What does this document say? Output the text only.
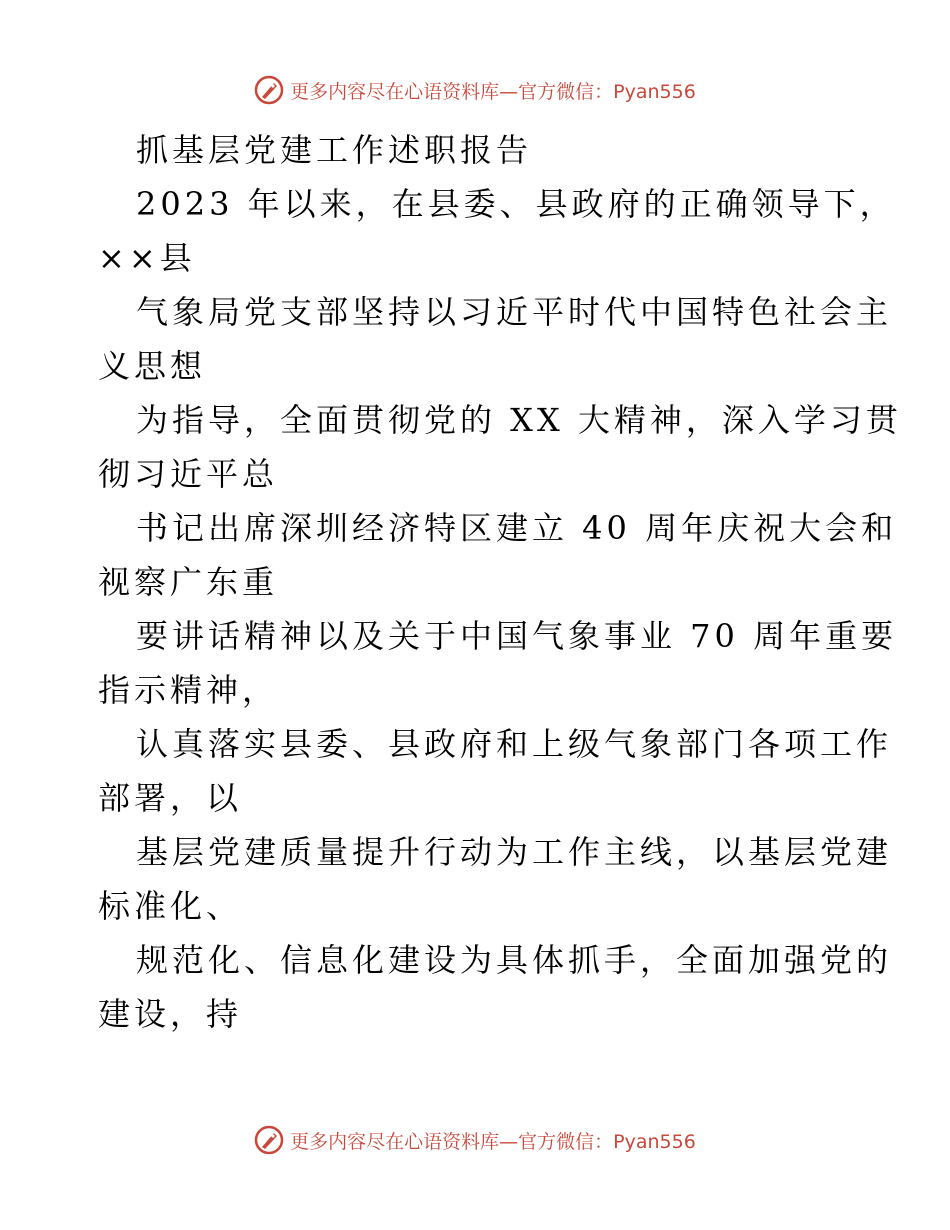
更多内容尽在心语资料库—官方微信：Pyan556
抓基层党建工作述职报告
2023 年以来，在县委、县政府的正确领导下，
××县
气象局党支部坚持以习近平时代中国特色社会主
义思想
为指导，全面贯彻党的 XX 大精神，深入学习贯
彻习近平总
书记出席深圳经济特区建立 40 周年庆祝大会和
视察广东重
要讲话精神以及关于中国气象事业 70 周年重要
指示精神，
认真落实县委、县政府和上级气象部门各项工作
部署，以
基层党建质量提升行动为工作主线，以基层党建
标准化、
规范化、信息化建设为具体抓手，全面加强党的
建设，持
更多内容尽在心语资料库—官方微信：Pyan556
